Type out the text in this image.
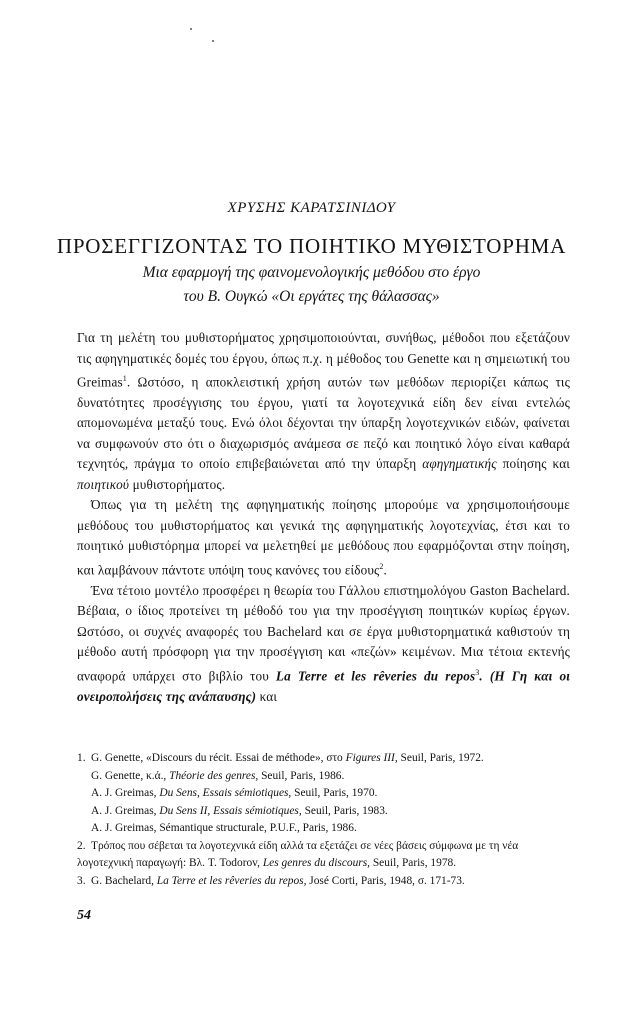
ΧΡΥΣΗΣ ΚΑΡΑΤΣΙΝΙΔΟΥ
ΠΡΟΣΕΓΓΙΖΟΝΤΑΣ ΤΟ ΠΟΙΗΤΙΚΟ ΜΥΘΙΣΤΟΡΗΜΑ
Μια εφαρμογή της φαινομενολογικής μεθόδου στο έργο
του Β. Ουγκώ «Οι εργάτες της θάλασσας»

Για τη μελέτη του μυθιστορήματος χρησιμοποιούνται, συνήθως, μέθοδοι που εξετάζουν τις αφηγηματικές δομές του έργου, όπως π.χ. η μέθοδος του Genette και η σημειωτική του Greimas$^1$. Ωστόσο, η αποκλειστική χρήση αυτών των μεθόδων περιορίζει κάπως τις δυνατότητες προσέγγισης του έργου, γιατί τα λογοτεχνικά είδη δεν είναι εντελώς απομονωμένα μεταξύ τους. Ενώ όλοι δέχονται την ύπαρξη λογοτεχνικών ειδών, φαίνεται να συμφωνούν στο ότι ο διαχωρισμός ανάμεσα σε πεζό και ποιητικό λόγο είναι καθαρά τεχνητός, πράγμα το οποίο επιβεβαιώνεται από την ύπαρξη αφηγηματικής ποίησης και ποιητικού μυθιστορήματος.

Όπως για τη μελέτη της αφηγηματικής ποίησης μπορούμε να χρησιμοποιήσουμε μεθόδους του μυθιστορήματος και γενικά της αφηγηματικής λογοτεχνίας, έτσι και το ποιητικό μυθιστόρημα μπορεί να μελετηθεί με μεθόδους που εφαρμόζονται στην ποίηση, και λαμβάνουν πάντοτε υπόψη τους κανόνες του είδους$^2$.

Ένα τέτοιο μοντέλο προσφέρει η θεωρία του Γάλλου επιστημολόγου Gaston Bachelard. Βέβαια, ο ίδιος προτείνει τη μέθοδό του για την προσέγγιση ποιητικών κυρίως έργων. Ωστόσο, οι συχνές αναφορές του Bachelard και σε έργα μυθιστορηματικά καθιστούν τη μέθοδο αυτή πρόσφορη για την προσέγγιση και «πεζών» κειμένων. Μια τέτοια εκτενής αναφορά υπάρχει στο βιβλίο του La Terre et les rêveries du repos$^3$. (Η Γη και οι ονειροπολήσεις της ανάπαυσης) και

1. G. Genette, «Discours du récit. Essai de méthode», στο Figures III, Seuil, Paris, 1972.
G. Genette, κ.ά., Théorie des genres, Seuil, Paris, 1986.
A. J. Greimas, Du Sens, Essais sémiotiques, Seuil, Paris, 1970.
A. J. Greimas, Du Sens II, Essais sémiotiques, Seuil, Paris, 1983.
A. J. Greimas, Sémantique structurale, P.U.F., Paris, 1986.
2. Τρόπος που σέβεται τα λογοτεχνικά είδη αλλά τα εξετάζει σε νέες βάσεις σύμφωνα με τη νέα λογοτεχνική παραγωγή: Βλ. T. Todorov, Les genres du discours, Seuil, Paris, 1978.
3. G. Bachelard, La Terre et les rêveries du repos, José Corti, Paris, 1948, σ. 171-73.
54
